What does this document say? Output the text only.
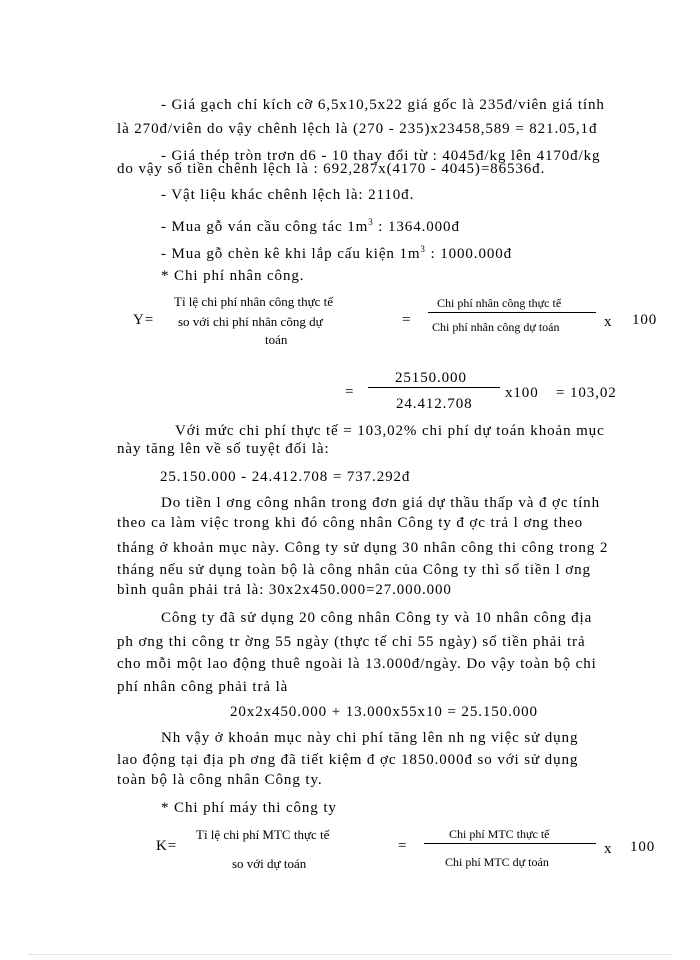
- Giá gạch chỉ kích cỡ 6,5x10,5x22 giá gốc là 235đ/viên giá tính
là 270đ/viên do vậy chênh lệch là (270 - 235)x23458,589 = 821.05,1đ
- Giá thép tròn trơn d6 - 10 thay đổi từ : 4045đ/kg lên 4170đ/kg
do vậy số tiền chênh lệch là : 692,287x(4170 - 4045)=86536đ.
- Vật liệu khác chênh lệch là: 2110đ.
- Mua gỗ ván cầu công tác $1m^3$ : 1364.000đ
- Mua gỗ chèn kê khi lắp cấu kiện $1m^3$ : 1000.000đ
* Chi phí nhân công.
Y=
Tỉ lệ chi phí nhân công thực tế
so với chi phí nhân công dự
toán
=
Chi phí nhân công thực tế
Chi phí nhân công dự toán	x 100
=
25150.000
24.412.708
x100 = 103,02
Với mức chi phí thực tế = 103,02% chi phí dự toán khoản mục
này tăng lên về số tuyệt đối là:
25.150.000 - 24.412.708 = 737.292đ
Do tiền l ơng công nhân trong đơn giá dự thầu thấp và đ ợc tính
theo ca làm việc trong khi đó công nhân Công ty đ ợc trả l ơng theo
tháng ở khoản mục này. Công ty sử dụng 30 nhân công thi công trong 2
tháng nếu sử dụng toàn bộ là công nhân của Công ty thì số tiền l ơng
bình quân phải trả là: 30x2x450.000=27.000.000
Công ty đã sử dụng 20 công nhân Công ty và 10 nhân công địa
ph ơng thi công tr ờng 55 ngày (thực tế chỉ 55 ngày) số tiền phải trả
cho mỗi một lao động thuê ngoài là 13.000đ/ngày. Do vậy toàn bộ chi
phí nhân công phải trả là
20x2x450.000 + 13.000x55x10 = 25.150.000
Nh vậy ở khoản mục này chi phí tăng lên nh ng việc sử dụng
lao động tại địa ph ơng đã tiết kiệm đ ợc 1850.000đ so với sử dụng
toàn bộ là công nhân Công ty.
* Chi phí máy thi công ty
K=
Tỉ lệ chi phí MTC thực tế
so với dự toán
=
Chi phí MTC thực tế
Chi phí MTC dự toán
x 100
